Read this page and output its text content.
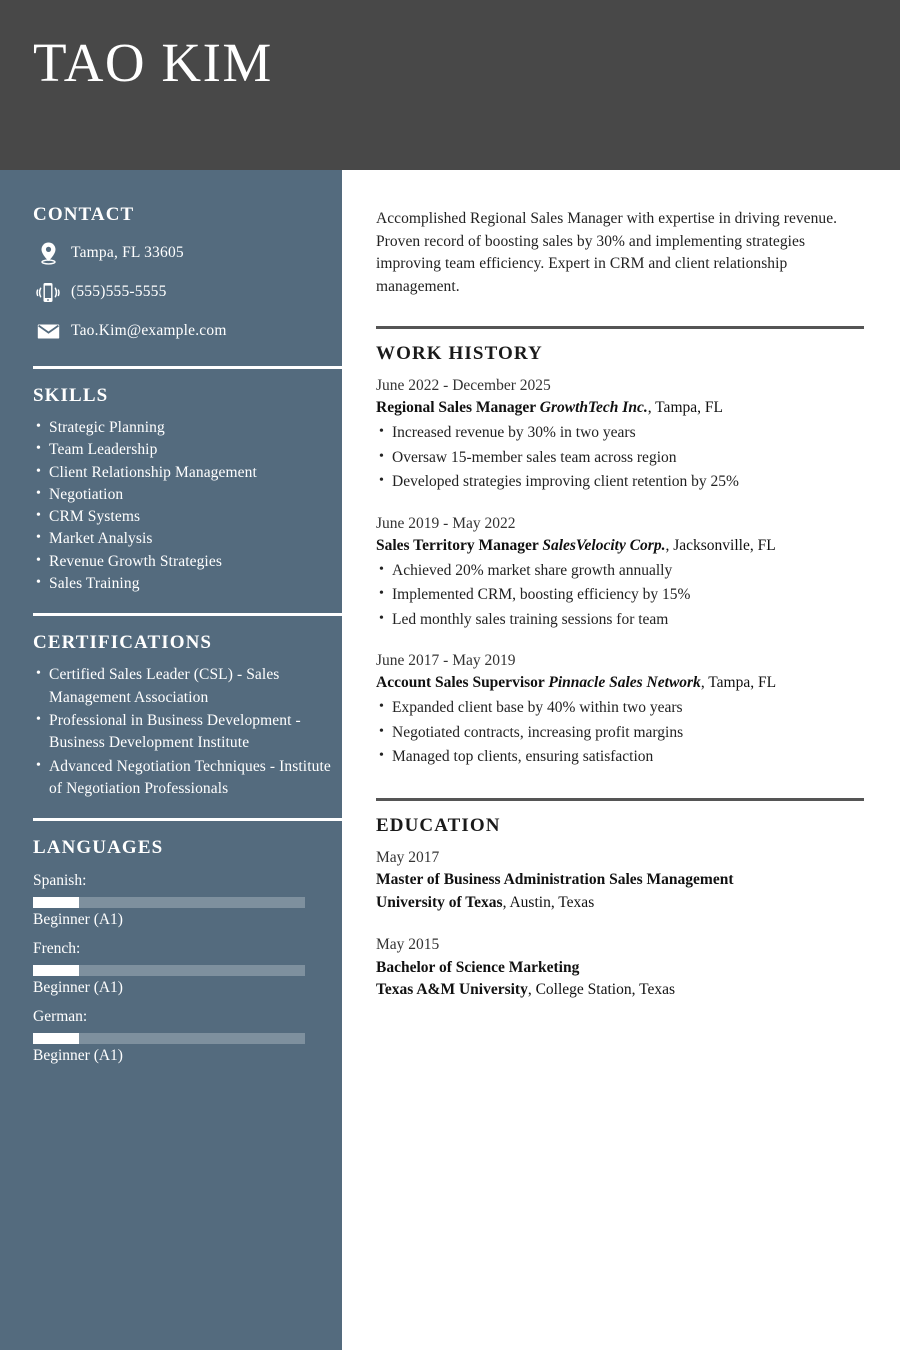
TAO KIM
CONTACT
Tampa, FL 33605
(555)555-5555
Tao.Kim@example.com
SKILLS
• Strategic Planning
• Team Leadership
• Client Relationship Management
• Negotiation
• CRM Systems
• Market Analysis
• Revenue Growth Strategies
• Sales Training
CERTIFICATIONS
• Certified Sales Leader (CSL) - Sales Management Association
• Professional in Business Development - Business Development Institute
• Advanced Negotiation Techniques - Institute of Negotiation Professionals
LANGUAGES
Spanish:
Beginner (A1)
French:
Beginner (A1)
German:
Beginner (A1)

Accomplished Regional Sales Manager with expertise in driving revenue. Proven record of boosting sales by 30% and implementing strategies improving team efficiency. Expert in CRM and client relationship management.

WORK HISTORY
June 2022 - December 2025
Regional Sales Manager GrowthTech Inc., Tampa, FL
• Increased revenue by 30% in two years
• Oversaw 15-member sales team across region
• Developed strategies improving client retention by 25%
June 2019 - May 2022
Sales Territory Manager SalesVelocity Corp., Jacksonville, FL
• Achieved 20% market share growth annually
• Implemented CRM, boosting efficiency by 15%
• Led monthly sales training sessions for team
June 2017 - May 2019
Account Sales Supervisor Pinnacle Sales Network, Tampa, FL
• Expanded client base by 40% within two years
• Negotiated contracts, increasing profit margins
• Managed top clients, ensuring satisfaction
EDUCATION
May 2017
Master of Business Administration Sales Management
University of Texas, Austin, Texas
May 2015
Bachelor of Science Marketing
Texas A&M University, College Station, Texas
